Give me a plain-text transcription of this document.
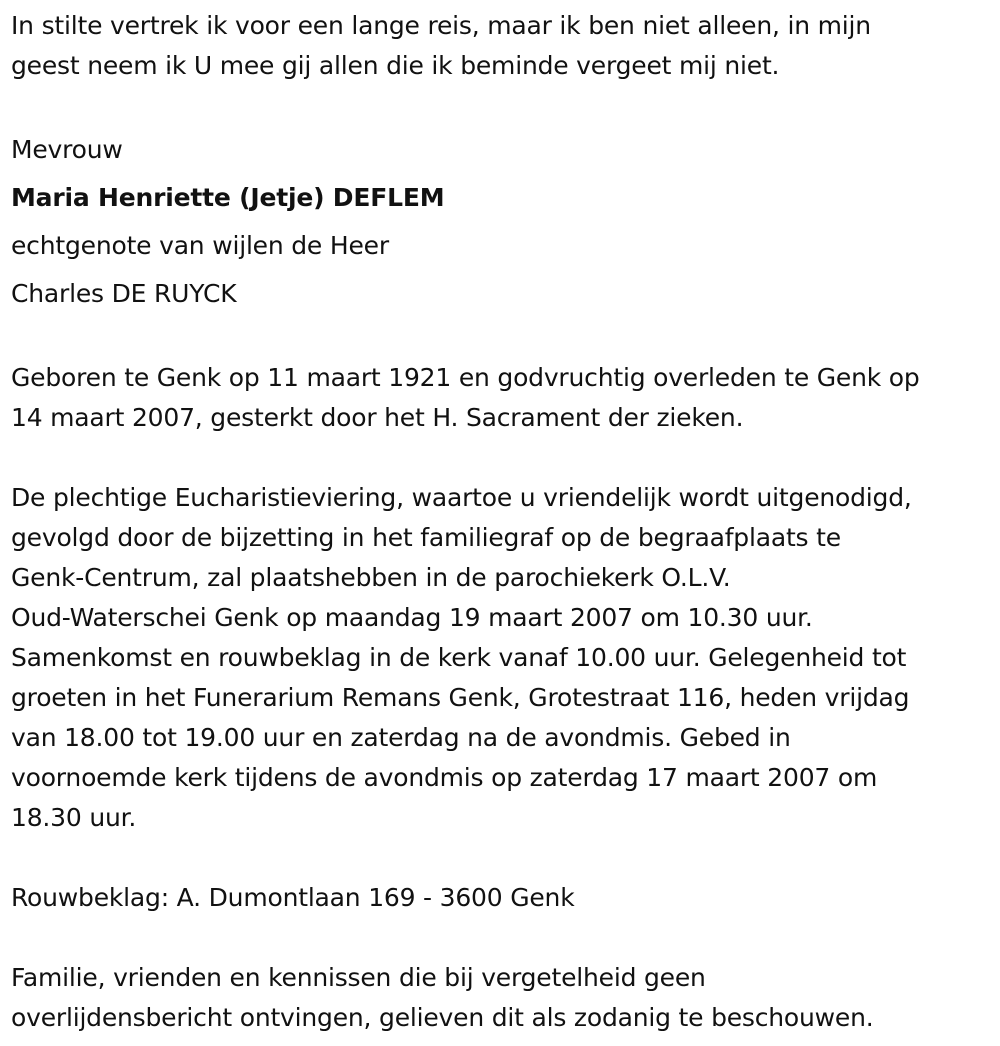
In stilte vertrek ik voor een lange reis, maar ik ben niet alleen, in mijn
geest neem ik U mee gij allen die ik beminde vergeet mij niet.
Mevrouw
Maria Henriette (Jetje) DEFLEM
echtgenote van wijlen de Heer
Charles DE RUYCK
Geboren te Genk op 11 maart 1921 en godvruchtig overleden te Genk op
14 maart 2007, gesterkt door het H. Sacrament der zieken.
De plechtige Eucharistieviering, waartoe u vriendelijk wordt uitgenodigd,
gevolgd door de bijzetting in het familiegraf op de begraafplaats te
Genk-Centrum, zal plaatshebben in de parochiekerk O.L.V.
Oud-Waterschei Genk op maandag 19 maart 2007 om 10.30 uur.
Samenkomst en rouwbeklag in de kerk vanaf 10.00 uur. Gelegenheid tot
groeten in het Funerarium Remans Genk, Grotestraat 116, heden vrijdag
van 18.00 tot 19.00 uur en zaterdag na de avondmis. Gebed in
voornoemde kerk tijdens de avondmis op zaterdag 17 maart 2007 om
18.30 uur.
Rouwbeklag: A. Dumontlaan 169 - 3600 Genk
Familie, vrienden en kennissen die bij vergetelheid geen
overlijdensbericht ontvingen, gelieven dit als zodanig te beschouwen.
